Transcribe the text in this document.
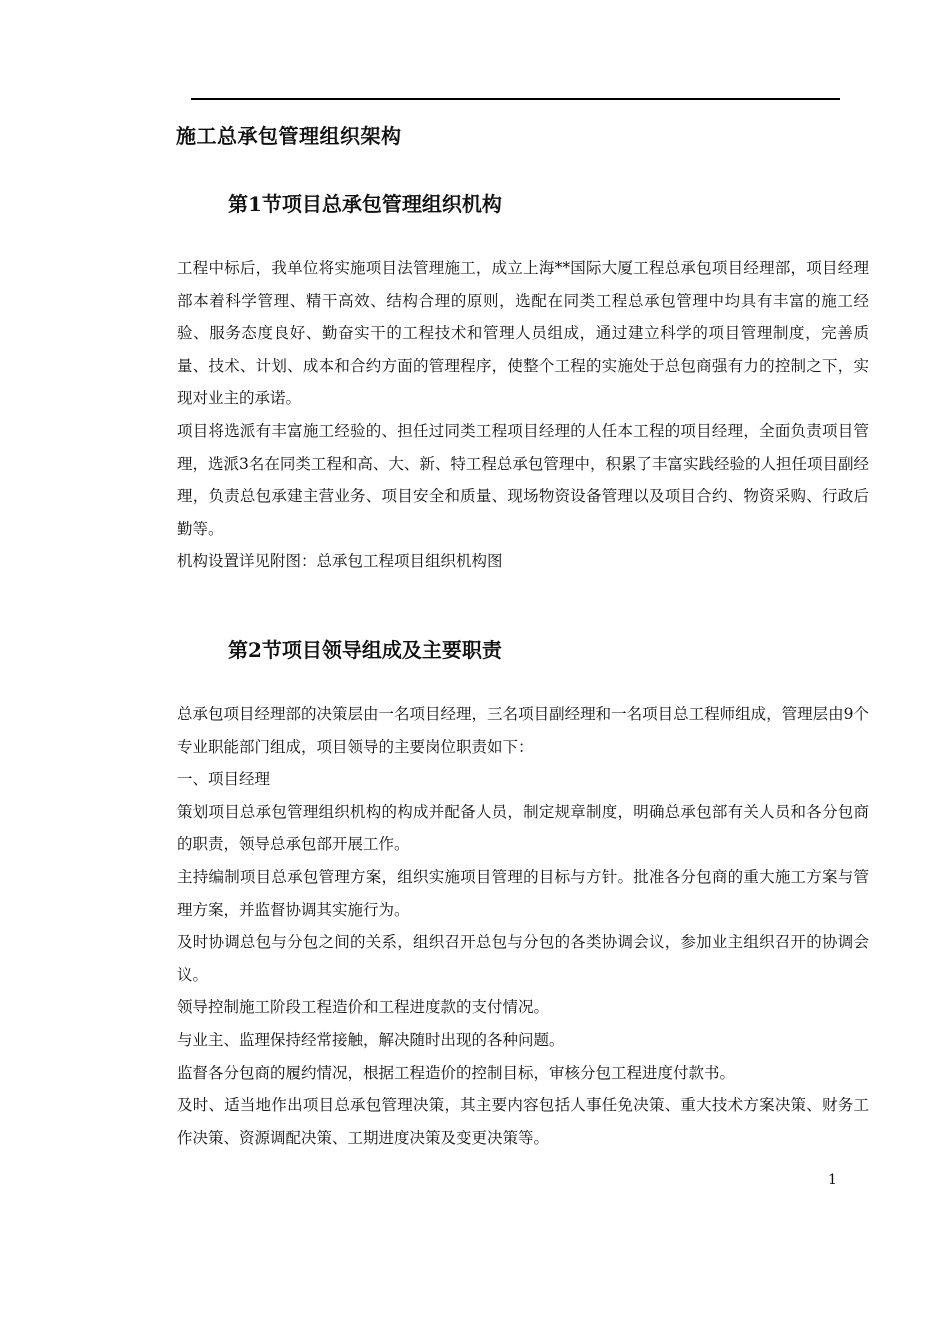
施工总承包管理组织架构
第1节项目总承包管理组织机构

工程中标后，我单位将实施项目法管理施工，成立上海**国际大厦工程总承包项目经理部，项目经理部本着科学管理、精干高效、结构合理的原则，选配在同类工程总承包管理中均具有丰富的施工经验、服务态度良好、勤奋实干的工程技术和管理人员组成，通过建立科学的项目管理制度，完善质量、技术、计划、成本和合约方面的管理程序，使整个工程的实施处于总包商强有力的控制之下，实现对业主的承诺。

项目将选派有丰富施工经验的、担任过同类工程项目经理的人任本工程的项目经理，全面负责项目管理，选派3名在同类工程和高、大、新、特工程总承包管理中，积累了丰富实践经验的人担任项目副经理，负责总包承建主营业务、项目安全和质量、现场物资设备管理以及项目合约、物资采购、行政后勤等。

机构设置详见附图：总承包工程项目组织机构图

第2节项目领导组成及主要职责

总承包项目经理部的决策层由一名项目经理，三名项目副经理和一名项目总工程师组成，管理层由9个专业职能部门组成，项目领导的主要岗位职责如下：

一、项目经理

策划项目总承包管理组织机构的构成并配备人员，制定规章制度，明确总承包部有关人员和各分包商的职责，领导总承包部开展工作。

主持编制项目总承包管理方案，组织实施项目管理的目标与方针。批准各分包商的重大施工方案与管理方案，并监督协调其实施行为。

及时协调总包与分包之间的关系，组织召开总包与分包的各类协调会议，参加业主组织召开的协调会议。

领导控制施工阶段工程造价和工程进度款的支付情况。

与业主、监理保持经常接触，解决随时出现的各种问题。

监督各分包商的履约情况，根据工程造价的控制目标，审核分包工程进度付款书。

及时、适当地作出项目总承包管理决策，其主要内容包括人事任免决策、重大技术方案决策、财务工作决策、资源调配决策、工期进度决策及变更决策等。

1
